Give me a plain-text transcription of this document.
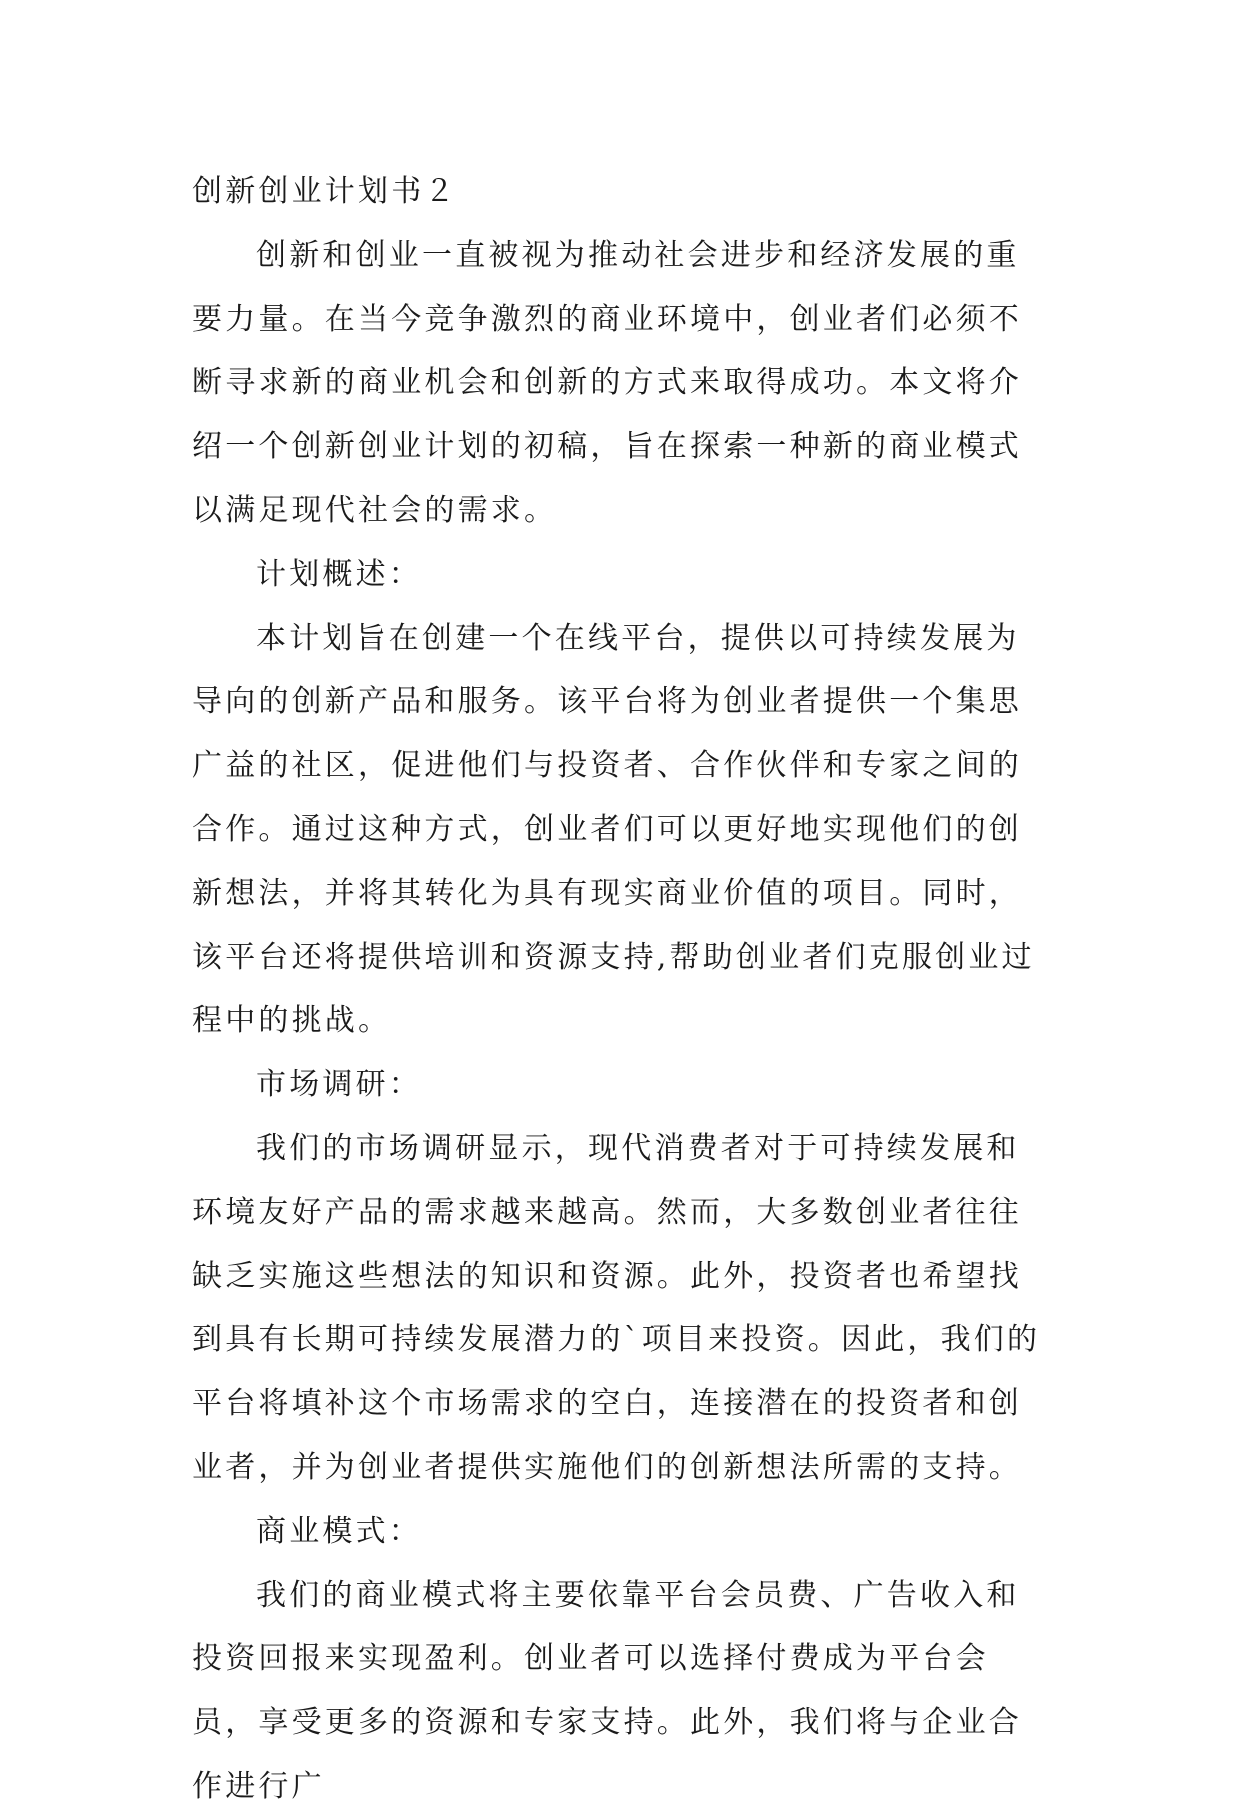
创新创业计划书２

创新和创业一直被视为推动社会进步和经济发展的重要力量。在当今竞争激烈的商业环境中，创业者们必须不断寻求新的商业机会和创新的方式来取得成功。本文将介绍一个创新创业计划的初稿，旨在探索一种新的商业模式以满足现代社会的需求。

计划概述：

本计划旨在创建一个在线平台，提供以可持续发展为导向的创新产品和服务。该平台将为创业者提供一个集思广益的社区，促进他们与投资者、合作伙伴和专家之间的合作。通过这种方式，创业者们可以更好地实现他们的创新想法，并将其转化为具有现实商业价值的项目。同时，该平台还将提供培训和资源支持,帮助创业者们克服创业过程中的挑战。

市场调研：

我们的市场调研显示，现代消费者对于可持续发展和环境友好产品的需求越来越高。然而，大多数创业者往往缺乏实施这些想法的知识和资源。此外，投资者也希望找到具有长期可持续发展潜力的`项目来投资。因此，我们的平台将填补这个市场需求的空白，连接潜在的投资者和创业者，并为创业者提供实施他们的创新想法所需的支持。

商业模式：

我们的商业模式将主要依靠平台会员费、广告收入和投资回报来实现盈利。创业者可以选择付费成为平台会员，享受更多的资源和专家支持。此外，我们将与企业合作进行广
